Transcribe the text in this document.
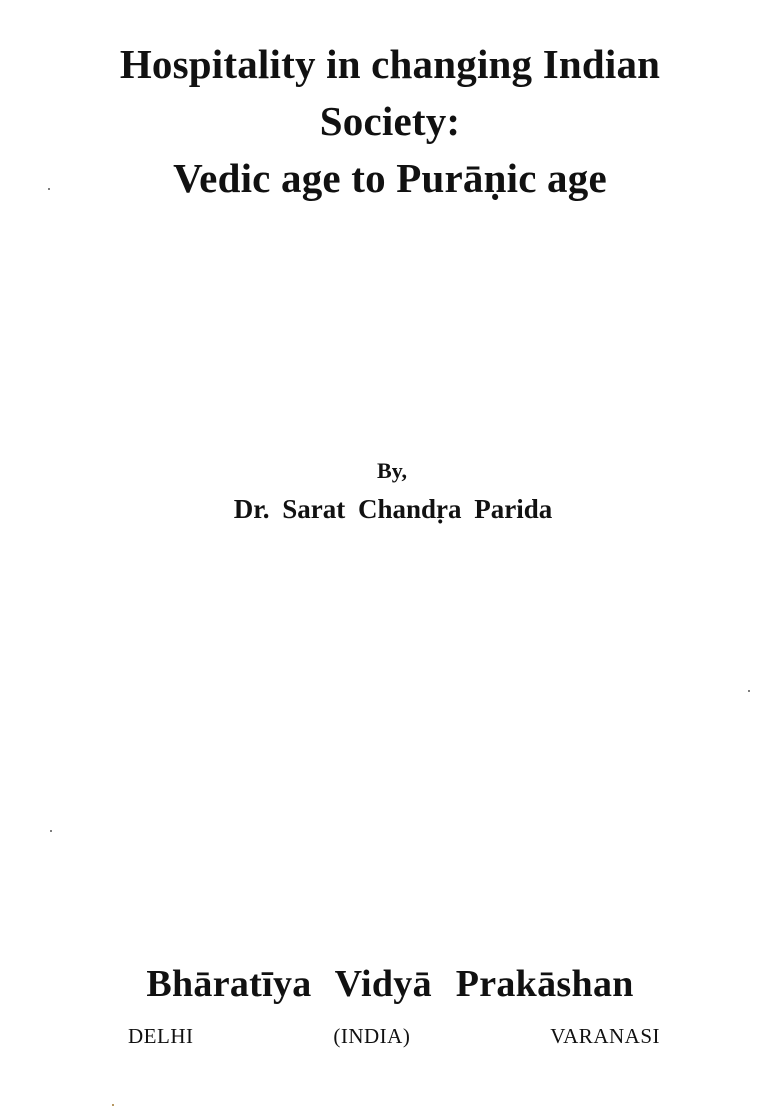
Hospitality in changing Indian
Society:
Vedic age to Purāṇic age
By,
Dr. Sarat Chandṛa Parida
Bhāratīya Vidyā Prakāshan
DELHI	(INDIA)	VARANASI
